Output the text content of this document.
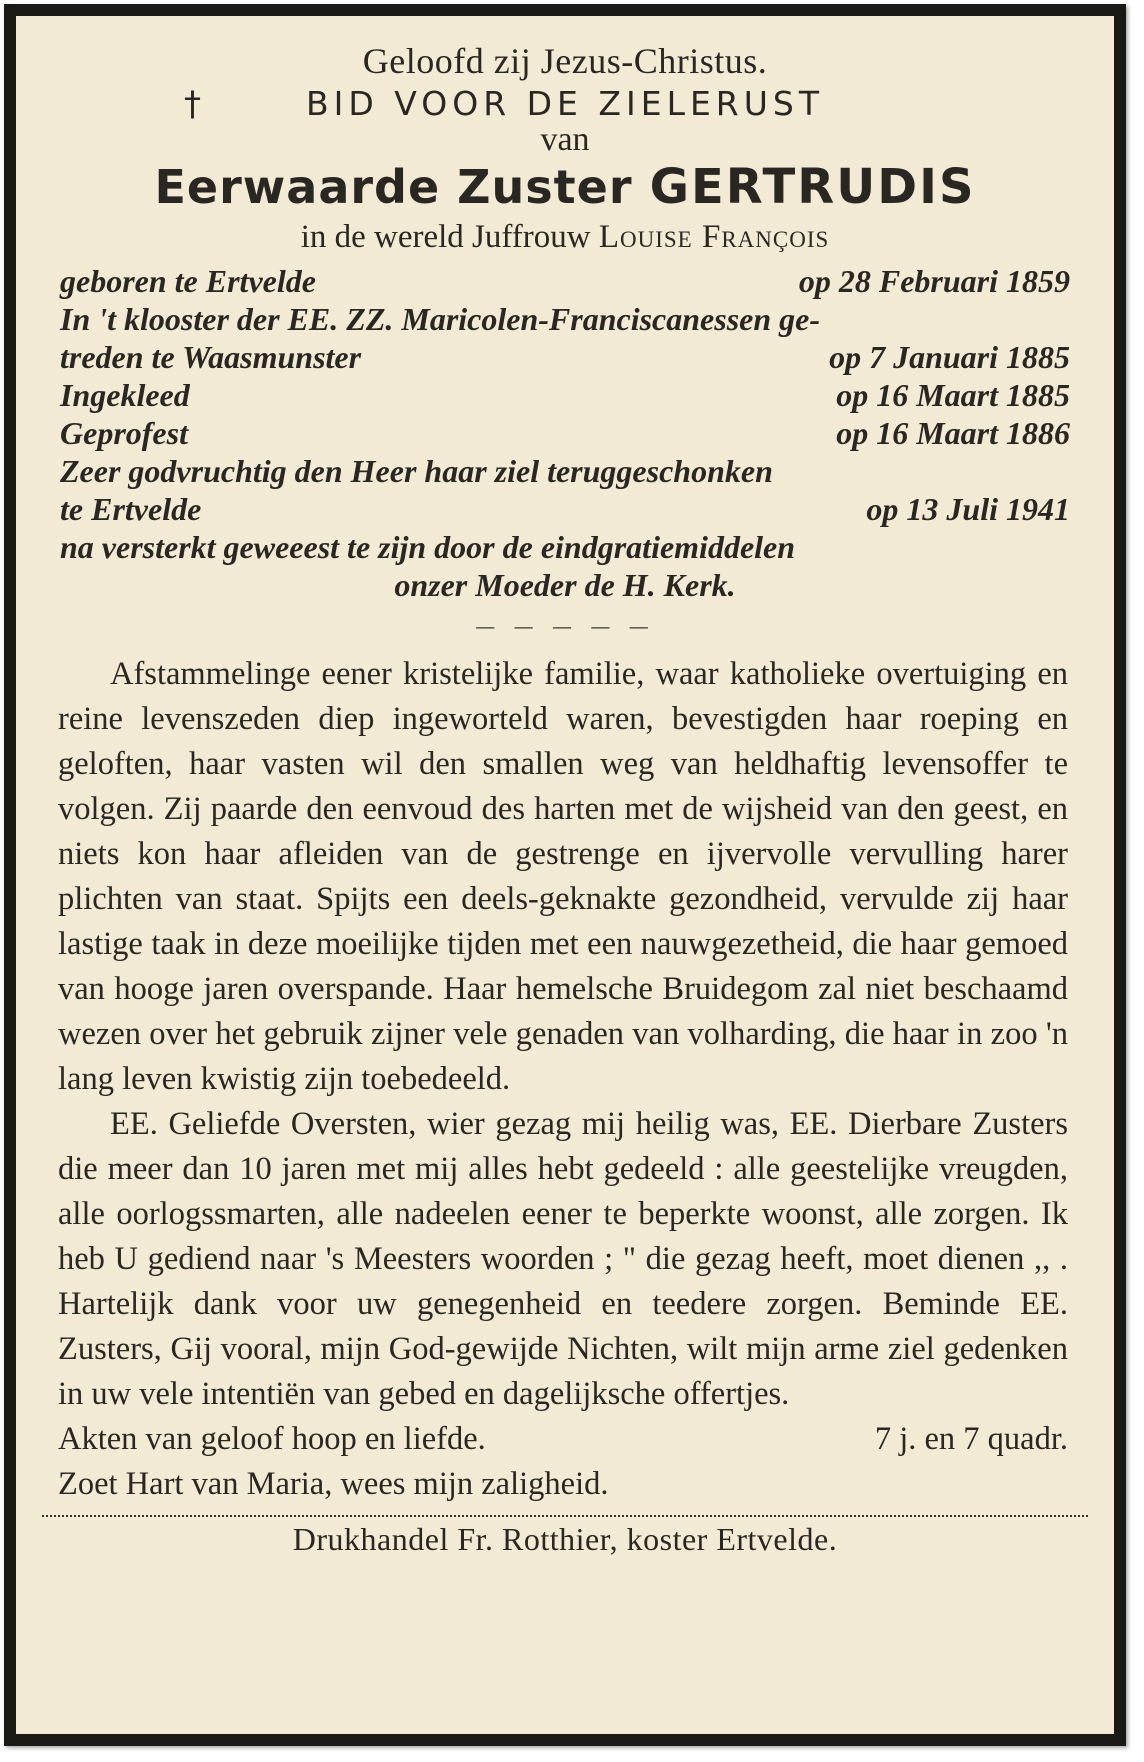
Geloofd zij Jezus-Christus.
†	BID VOOR DE ZIELERUST
van
Eerwaarde Zuster GERTRUDIS
in de wereld Juffrouw Louise François
geboren te Ertvelde	op 28 Februari 1859
In 't klooster der EE. ZZ. Maricolen-Franciscanessen ge-
treden te Waasmunster	op 7 Januari 1885
Ingekleed	op 16 Maart 1885
Geprofest	op 16 Maart 1886
Zeer godvruchtig den Heer haar ziel teruggeschonken
te Ertvelde	op 13 Juli 1941
na versterkt geweeest te zijn door de eindgratiemiddelen
onzer Moeder de H. Kerk.
— — — — —

Afstammelinge eener kristelijke familie, waar katholieke overtuiging en reine levenszeden diep ingeworteld waren, bevestigden haar roeping en geloften, haar vasten wil den smallen weg van heldhaftig levensoffer te volgen. Zij paarde den eenvoud des harten met de wijsheid van den geest, en niets kon haar afleiden van de gestrenge en ijvervolle vervulling harer plichten van staat. Spijts een deels-geknakte gezondheid, vervulde zij haar lastige taak in deze moeilijke tijden met een nauwgezetheid, die haar gemoed van hooge jaren overspande. Haar hemelsche Bruidegom zal niet beschaamd wezen over het gebruik zijner vele genaden van volharding, die haar in zoo 'n lang leven kwistig zijn toebedeeld.

EE. Geliefde Oversten, wier gezag mij heilig was, EE. Dierbare Zusters die meer dan 10 jaren met mij alles hebt gedeeld : alle geestelijke vreugden, alle oorlogssmarten, alle nadeelen eener te beperkte woonst, alle zorgen. Ik heb U gediend naar 's Meesters woorden ; " die gezag heeft, moet dienen ,, . Hartelijk dank voor uw genegenheid en teedere zorgen. Beminde EE. Zusters, Gij vooral, mijn God-gewijde Nichten, wilt mijn arme ziel gedenken in uw vele intentiën van gebed en dagelijksche offertjes.

Akten van geloof hoop en liefde.	7 j. en 7 quadr.

Zoet Hart van Maria, wees mijn zaligheid.

Drukhandel Fr. Rotthier, koster Ertvelde.
